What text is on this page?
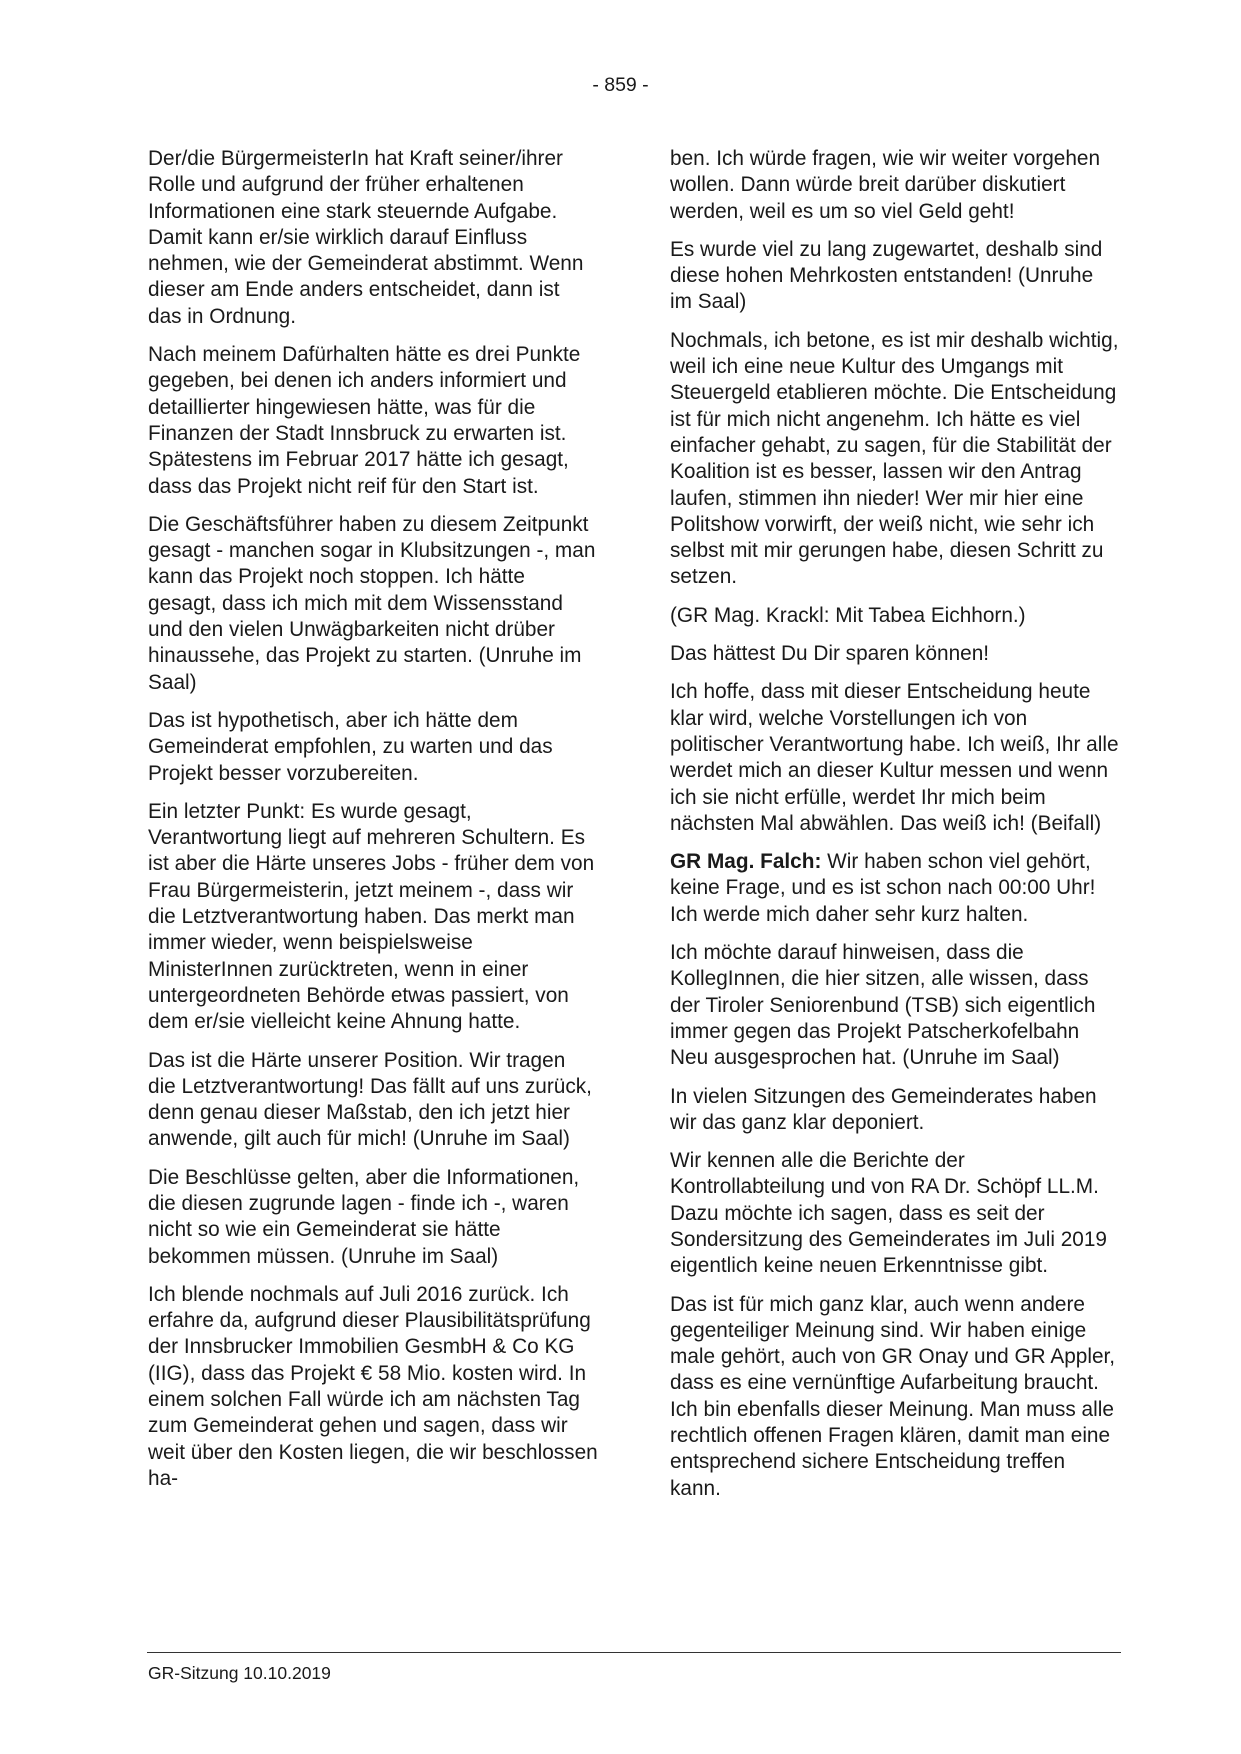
- 859 -

Der/die BürgermeisterIn hat Kraft seiner/ihrer Rolle und aufgrund der früher erhaltenen Informationen eine stark steuernde Aufgabe. Damit kann er/sie wirklich darauf Einfluss nehmen, wie der Gemeinderat abstimmt. Wenn dieser am Ende anders entscheidet, dann ist das in Ordnung.

Nach meinem Dafürhalten hätte es drei Punkte gegeben, bei denen ich anders informiert und detaillierter hingewiesen hätte, was für die Finanzen der Stadt Innsbruck zu erwarten ist. Spätestens im Februar 2017 hätte ich gesagt, dass das Projekt nicht reif für den Start ist.

Die Geschäftsführer haben zu diesem Zeitpunkt gesagt - manchen sogar in Klubsitzungen -, man kann das Projekt noch stoppen. Ich hätte gesagt, dass ich mich mit dem Wissensstand und den vielen Unwägbarkeiten nicht drüber hinaussehe, das Projekt zu starten. (Unruhe im Saal)

Das ist hypothetisch, aber ich hätte dem Gemeinderat empfohlen, zu warten und das Projekt besser vorzubereiten.

Ein letzter Punkt: Es wurde gesagt, Verantwortung liegt auf mehreren Schultern. Es ist aber die Härte unseres Jobs - früher dem von Frau Bürgermeisterin, jetzt meinem -, dass wir die Letztverantwortung haben. Das merkt man immer wieder, wenn beispielsweise MinisterInnen zurücktreten, wenn in einer untergeordneten Behörde etwas passiert, von dem er/sie vielleicht keine Ahnung hatte.

Das ist die Härte unserer Position. Wir tragen die Letztverantwortung! Das fällt auf uns zurück, denn genau dieser Maßstab, den ich jetzt hier anwende, gilt auch für mich! (Unruhe im Saal)

Die Beschlüsse gelten, aber die Informationen, die diesen zugrunde lagen - finde ich -, waren nicht so wie ein Gemeinderat sie hätte bekommen müssen. (Unruhe im Saal)

Ich blende nochmals auf Juli 2016 zurück. Ich erfahre da, aufgrund dieser Plausibilitätsprüfung der Innsbrucker Immobilien GesmbH & Co KG (IIG), dass das Projekt € 58 Mio. kosten wird. In einem solchen Fall würde ich am nächsten Tag zum Gemeinderat gehen und sagen, dass wir weit über den Kosten liegen, die wir beschlossen ha-

ben. Ich würde fragen, wie wir weiter vorgehen wollen. Dann würde breit darüber diskutiert werden, weil es um so viel Geld geht!

Es wurde viel zu lang zugewartet, deshalb sind diese hohen Mehrkosten entstanden! (Unruhe im Saal)

Nochmals, ich betone, es ist mir deshalb wichtig, weil ich eine neue Kultur des Umgangs mit Steuergeld etablieren möchte. Die Entscheidung ist für mich nicht angenehm. Ich hätte es viel einfacher gehabt, zu sagen, für die Stabilität der Koalition ist es besser, lassen wir den Antrag laufen, stimmen ihn nieder! Wer mir hier eine Politshow vorwirft, der weiß nicht, wie sehr ich selbst mit mir gerungen habe, diesen Schritt zu setzen.

(GR Mag. Krackl: Mit Tabea Eichhorn.)

Das hättest Du Dir sparen können!

Ich hoffe, dass mit dieser Entscheidung heute klar wird, welche Vorstellungen ich von politischer Verantwortung habe. Ich weiß, Ihr alle werdet mich an dieser Kultur messen und wenn ich sie nicht erfülle, werdet Ihr mich beim nächsten Mal abwählen. Das weiß ich! (Beifall)

GR Mag. Falch: Wir haben schon viel gehört, keine Frage, und es ist schon nach 00:00 Uhr! Ich werde mich daher sehr kurz halten.

Ich möchte darauf hinweisen, dass die KollegInnen, die hier sitzen, alle wissen, dass der Tiroler Seniorenbund (TSB) sich eigentlich immer gegen das Projekt Patscherkofelbahn Neu ausgesprochen hat. (Unruhe im Saal)

In vielen Sitzungen des Gemeinderates haben wir das ganz klar deponiert.

Wir kennen alle die Berichte der Kontrollabteilung und von RA Dr. Schöpf LL.M. Dazu möchte ich sagen, dass es seit der Sondersitzung des Gemeinderates im Juli 2019 eigentlich keine neuen Erkenntnisse gibt.

Das ist für mich ganz klar, auch wenn andere gegenteiliger Meinung sind. Wir haben einige male gehört, auch von GR Onay und GR Appler, dass es eine vernünftige Aufarbeitung braucht. Ich bin ebenfalls dieser Meinung. Man muss alle rechtlich offenen Fragen klären, damit man eine entsprechend sichere Entscheidung treffen kann.

GR-Sitzung 10.10.2019
